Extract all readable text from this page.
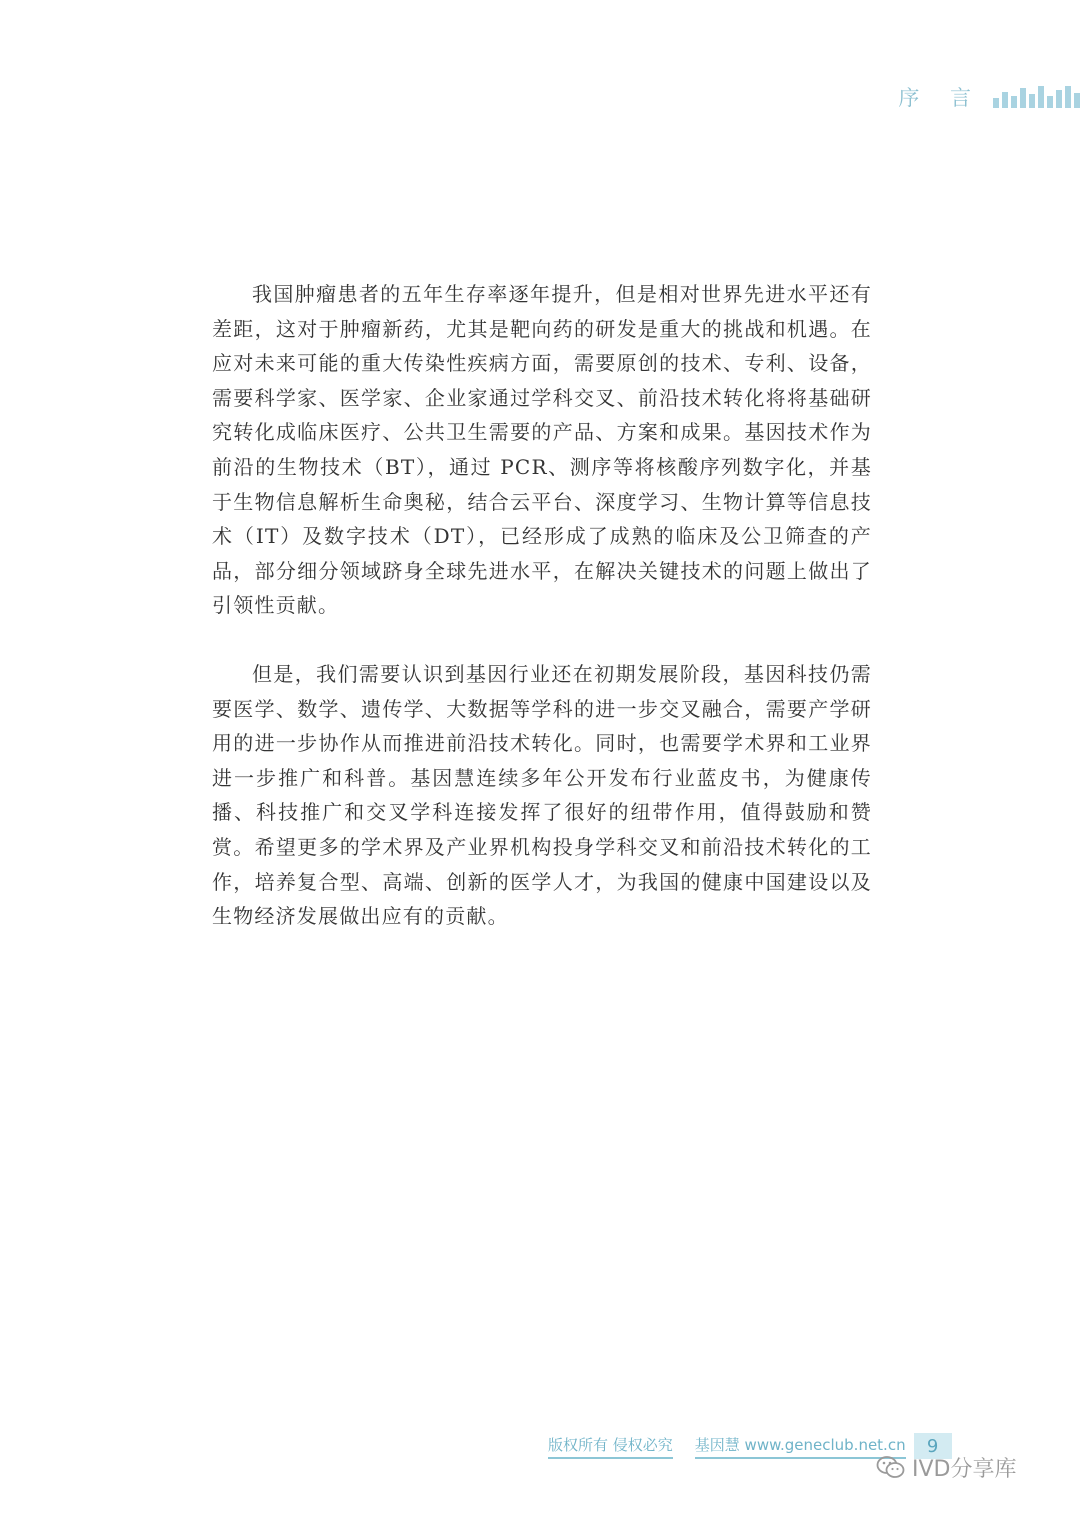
序 言

我国肿瘤患者的五年生存率逐年提升，但是相对世界先进水平还有差距，这对于肿瘤新药，尤其是靶向药的研发是重大的挑战和机遇。在应对未来可能的重大传染性疾病方面，需要原创的技术、专利、设备，需要科学家、医学家、企业家通过学科交叉、前沿技术转化将将基础研究转化成临床医疗、公共卫生需要的产品、方案和成果。基因技术作为前沿的生物技术（BT），通过 PCR、测序等将核酸序列数字化，并基于生物信息解析生命奥秘，结合云平台、深度学习、生物计算等信息技术（IT）及数字技术（DT），已经形成了成熟的临床及公卫筛查的产品，部分细分领域跻身全球先进水平，在解决关键技术的问题上做出了引领性贡献。

但是，我们需要认识到基因行业还在初期发展阶段，基因科技仍需要医学、数学、遗传学、大数据等学科的进一步交叉融合，需要产学研用的进一步协作从而推进前沿技术转化。同时，也需要学术界和工业界进一步推广和科普。基因慧连续多年公开发布行业蓝皮书，为健康传播、科技推广和交叉学科连接发挥了很好的纽带作用，值得鼓励和赞赏。希望更多的学术界及产业界机构投身学科交叉和前沿技术转化的工作，培养复合型、高端、创新的医学人才，为我国的健康中国建设以及生物经济发展做出应有的贡献。

版权所有 侵权必究 基因慧 www.geneclub.net.cn	9
IVD分享库
